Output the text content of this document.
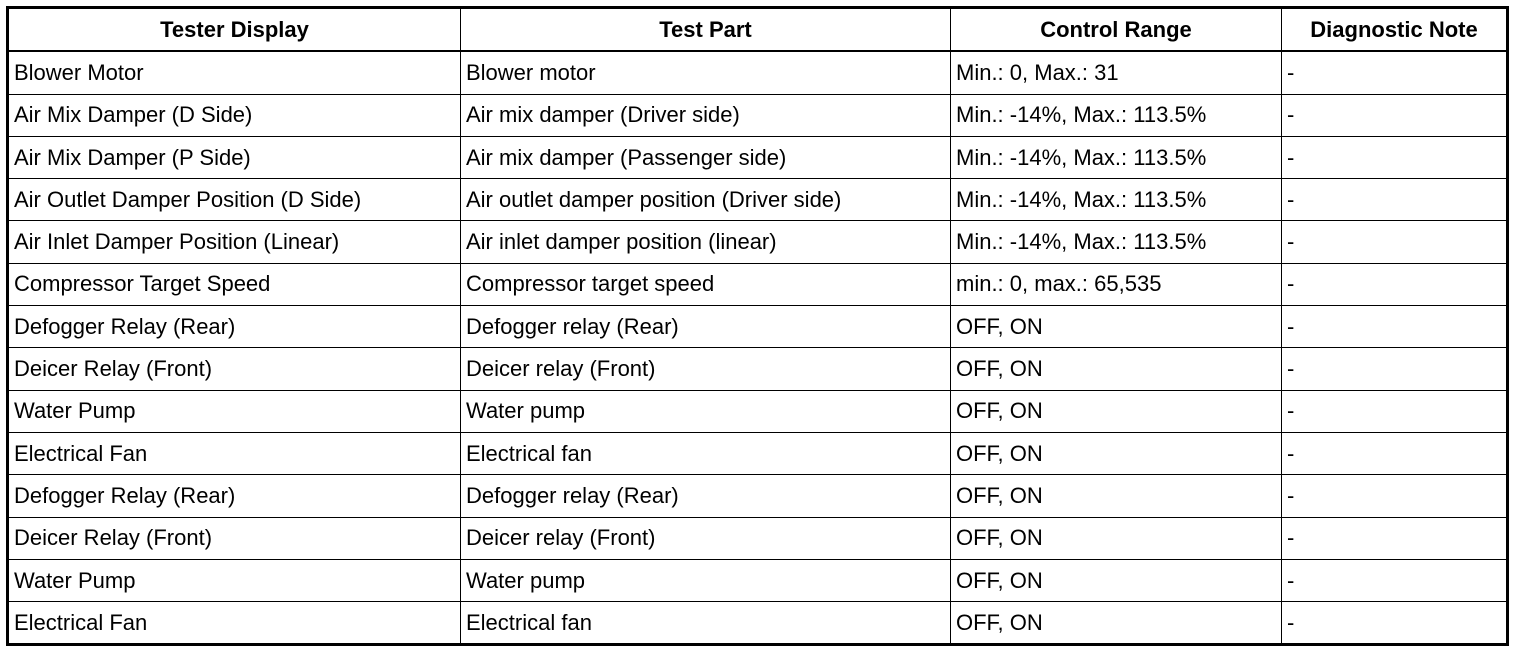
Tester Display	Test Part	Control Range	Diagnostic Note
Blower Motor	Blower motor	Min.: 0, Max.: 31	-
Air Mix Damper (D Side)	Air mix damper (Driver side)	Min.: -14%, Max.: 113.5%	-
Air Mix Damper (P Side)	Air mix damper (Passenger side)	Min.: -14%, Max.: 113.5%	-
Air Outlet Damper Position (D Side)	Air outlet damper position (Driver side)	Min.: -14%, Max.: 113.5%	-
Air Inlet Damper Position (Linear)	Air inlet damper position (linear)	Min.: -14%, Max.: 113.5%	-
Compressor Target Speed	Compressor target speed	min.: 0, max.: 65,535	-
Defogger Relay (Rear)	Defogger relay (Rear)	OFF, ON	-
Deicer Relay (Front)	Deicer relay (Front)	OFF, ON	-
Water Pump	Water pump	OFF, ON	-
Electrical Fan	Electrical fan	OFF, ON	-
Defogger Relay (Rear)	Defogger relay (Rear)	OFF, ON	-
Deicer Relay (Front)	Deicer relay (Front)	OFF, ON	-
Water Pump	Water pump	OFF, ON	-
Electrical Fan	Electrical fan	OFF, ON	-
